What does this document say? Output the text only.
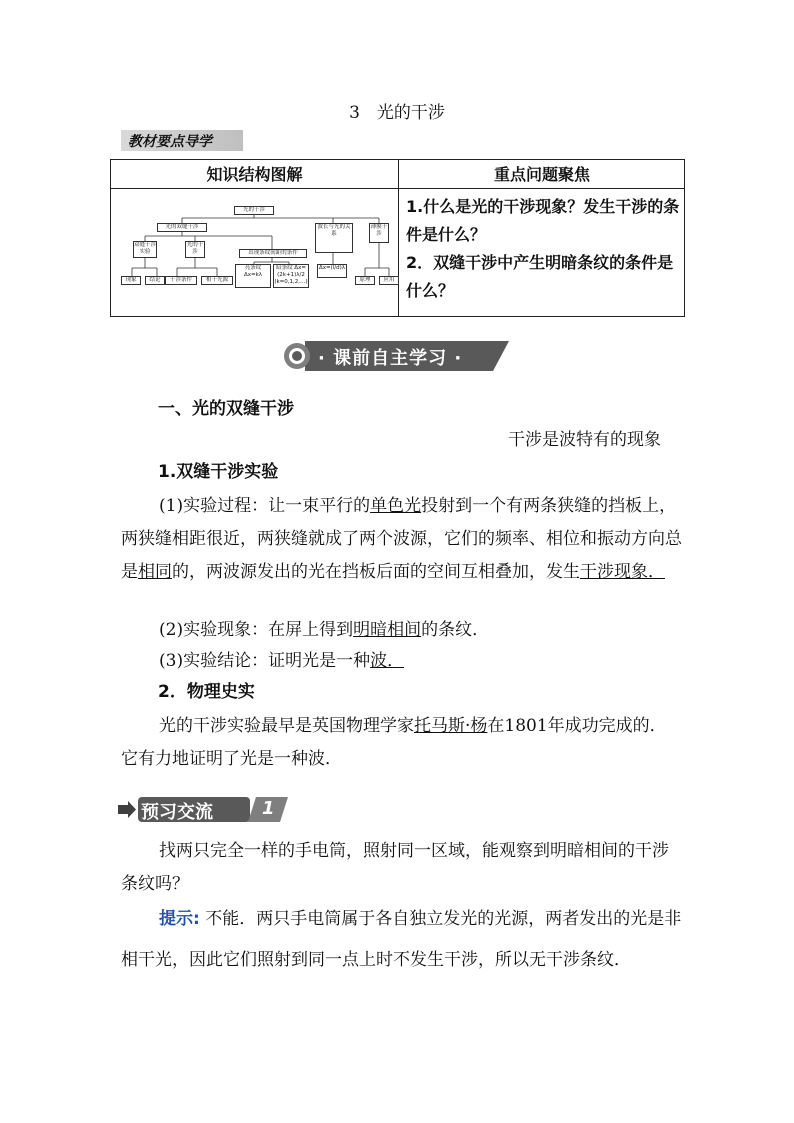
3　光的干涉
教材要点导学
知识结构图解	重点问题聚焦
光的干涉
光的双缝干涉
双缝干涉实验
光的干涉	出现条纹间距的条件
波长与光的关系
薄膜干涉
亮条纹 Δx=kλ
暗条纹 Δx=(2k+1)λ/2 (k=0,1,2,…)
Δx=(l/d)λ
现象	结论	干涉条件	相干光源	原理	应用
1.什么是光的干涉现象？发生干涉的条件是什么？
2．双缝干涉中产生明暗条纹的条件是什么？
· 课前自主学习 ·
一、光的双缝干涉
干涉是波特有的现象
1.双缝干涉实验
(1)实验过程：让一束平行的单色光投射到一个有两条狭缝的挡板上，两狭缝相距很近，两狭缝就成了两个波源，它们的频率、相位和振动方向总是相同的，两波源发出的光在挡板后面的空间互相叠加，发生干涉现象．
(2)实验现象：在屏上得到明暗相间的条纹．
(3)实验结论：证明光是一种波．
2．物理史实
光的干涉实验最早是英国物理学家托马斯·杨在1801年成功完成的．它有力地证明了光是一种波．
预习交流	1
找两只完全一样的手电筒，照射同一区域，能观察到明暗相间的干涉条纹吗？
提示: 不能．两只手电筒属于各自独立发光的光源，两者发出的光是非相干光，因此它们照射到同一点上时不发生干涉，所以无干涉条纹．
